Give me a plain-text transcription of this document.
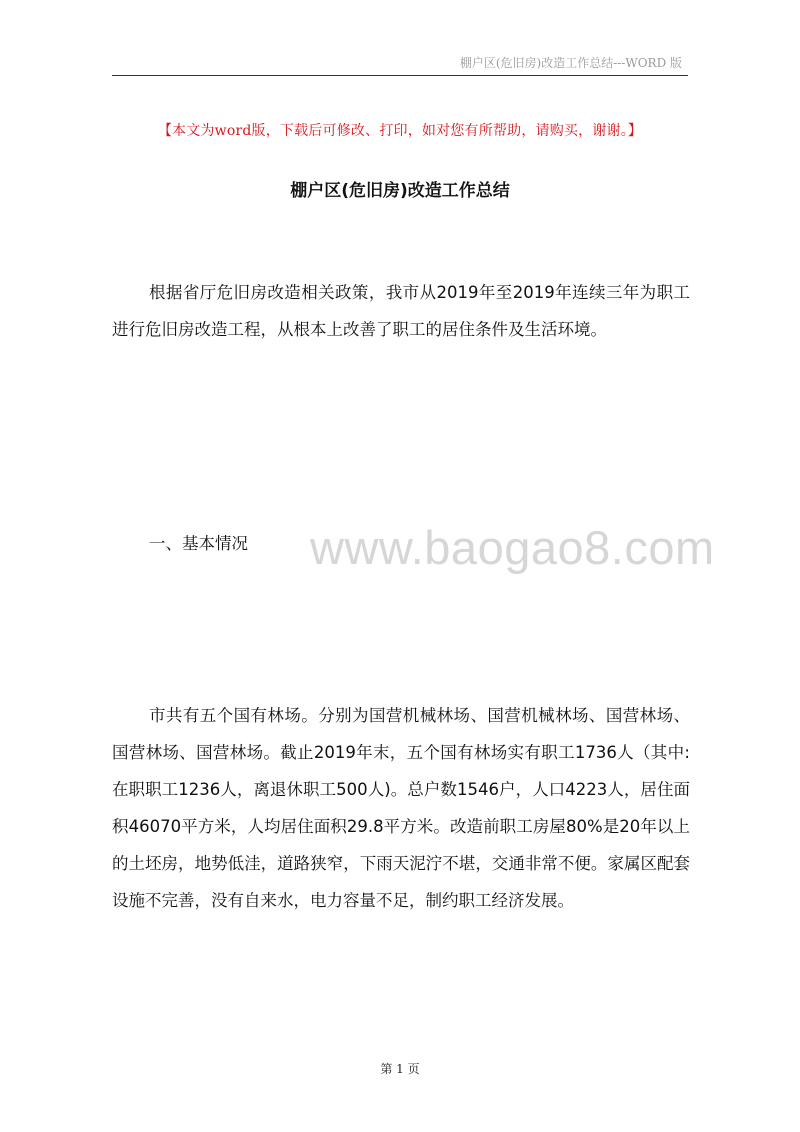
棚户区(危旧房)改造工作总结---WORD 版
【本文为word版，下载后可修改、打印，如对您有所帮助，请购买，谢谢。】
棚户区(危旧房)改造工作总结

根据省厅危旧房改造相关政策，我市从2019年至2019年连续三年为职工进行危旧房改造工程，从根本上改善了职工的居住条件及生活环境。

www.baogao8.com
一、基本情况

市共有五个国有林场。分别为国营机械林场、国营机械林场、国营林场、国营林场、国营林场。截止2019年末，五个国有林场实有职工1736人（其中:在职职工1236人，离退休职工500人)。总户数1546户，人口4223人，居住面积46070平方米，人均居住面积29.8平方米。改造前职工房屋80%是20年以上的土坯房，地势低洼，道路狭窄，下雨天泥泞不堪，交通非常不便。家属区配套设施不完善，没有自来水，电力容量不足，制约职工经济发展。

第 1 页
